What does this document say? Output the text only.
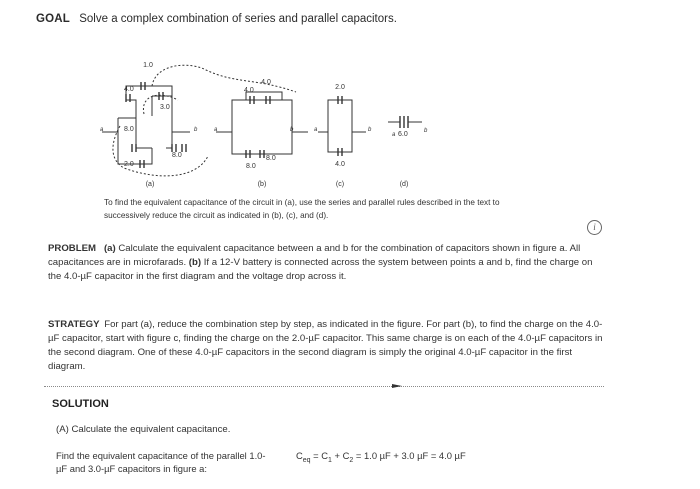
GOAL Solve a complex combination of series and parallel capacitors.
1.0
4.0
3.0
8.0
8.0
2.0
a	b
4.0
4.0
8.0
8.0
a	b
2.0
4.0
a	b
6.0
a
b
(a)	(b)	(c)	(d)
To find the equivalent capacitance of the circuit in (a), use the series and parallel rules described in the text to
successively reduce the circuit as indicated in (b), (c), and (d).
i
PROBLEM (a) Calculate the equivalent capacitance between a and b for the combination of capacitors shown in figure a. All capacitances are in microfarads. (b) If a 12-V battery is connected across the system between points a and b, find the charge on the 4.0-µF capacitor in the first diagram and the voltage drop across it.
STRATEGY For part (a), reduce the combination step by step, as indicated in the figure. For part (b), to find the charge on the 4.0-µF capacitor, start with figure c, finding the charge on the 2.0-µF capacitor. This same charge is on each of the 4.0-µF capacitors in the second diagram. One of these 4.0-µF capacitors in the second diagram is simply the original 4.0-µF capacitor in the first diagram.
SOLUTION
(A) Calculate the equivalent capacitance.
Find the equivalent capacitance of the parallel 1.0-µF and 3.0-µF capacitors in figure a:
$C_{eq} = C_1 + C_2 = 1.0$ µF + 3.0 µF = 4.0 µF
